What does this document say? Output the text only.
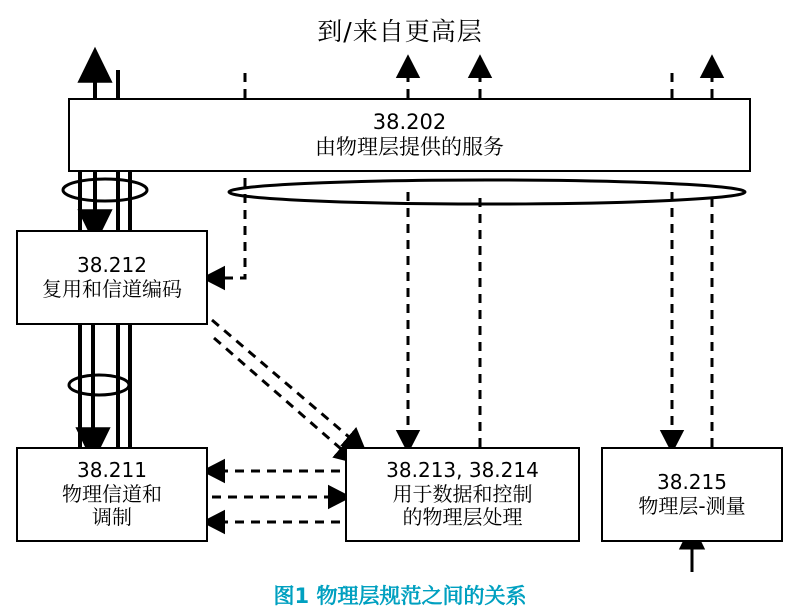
到/来自更高层
38.202
由物理层提供的服务
38.212
复用和信道编码
38.211
物理信道和
调制
38.213, 38.214
用于数据和控制
的物理层处理
38.215
物理层-测量
图1 物理层规范之间的关系
